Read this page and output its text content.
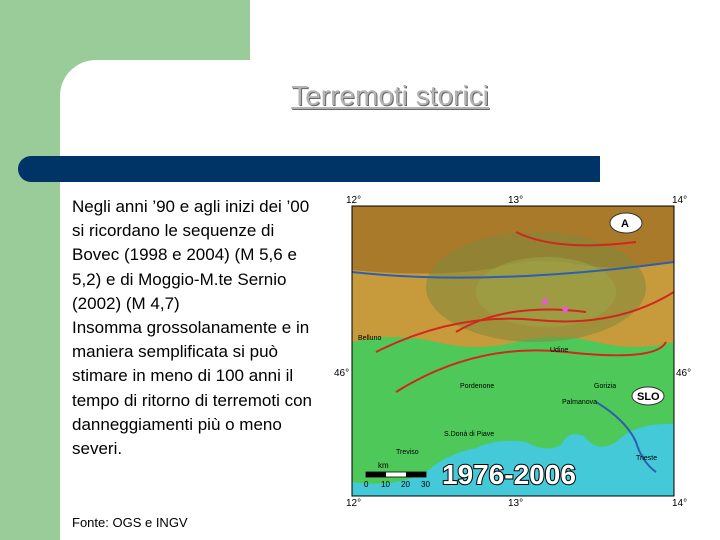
Terremoti storici

Negli anni ’90 e agli inizi dei ’00 si ricordano le sequenze di Bovec (1998 e 2004) (M 5,6 e 5,2) e di Moggio-M.te Sernio (2002) (M 4,7)

Insomma grossolanamente e in maniera semplificata si può stimare in meno di 100 anni il tempo di ritorno di terremoti con danneggiamenti più o meno severi.

Fonte: OGS e INGV
12°	13°	14°
46°	46°
12°	13°	14°
A
SLO
Belluno
Udine
Pordenone	Gorizia
Treviso
S.Donà di Piave
Palmanova
Trieste
★ ★
km
0 10 20 30 1976-2006
